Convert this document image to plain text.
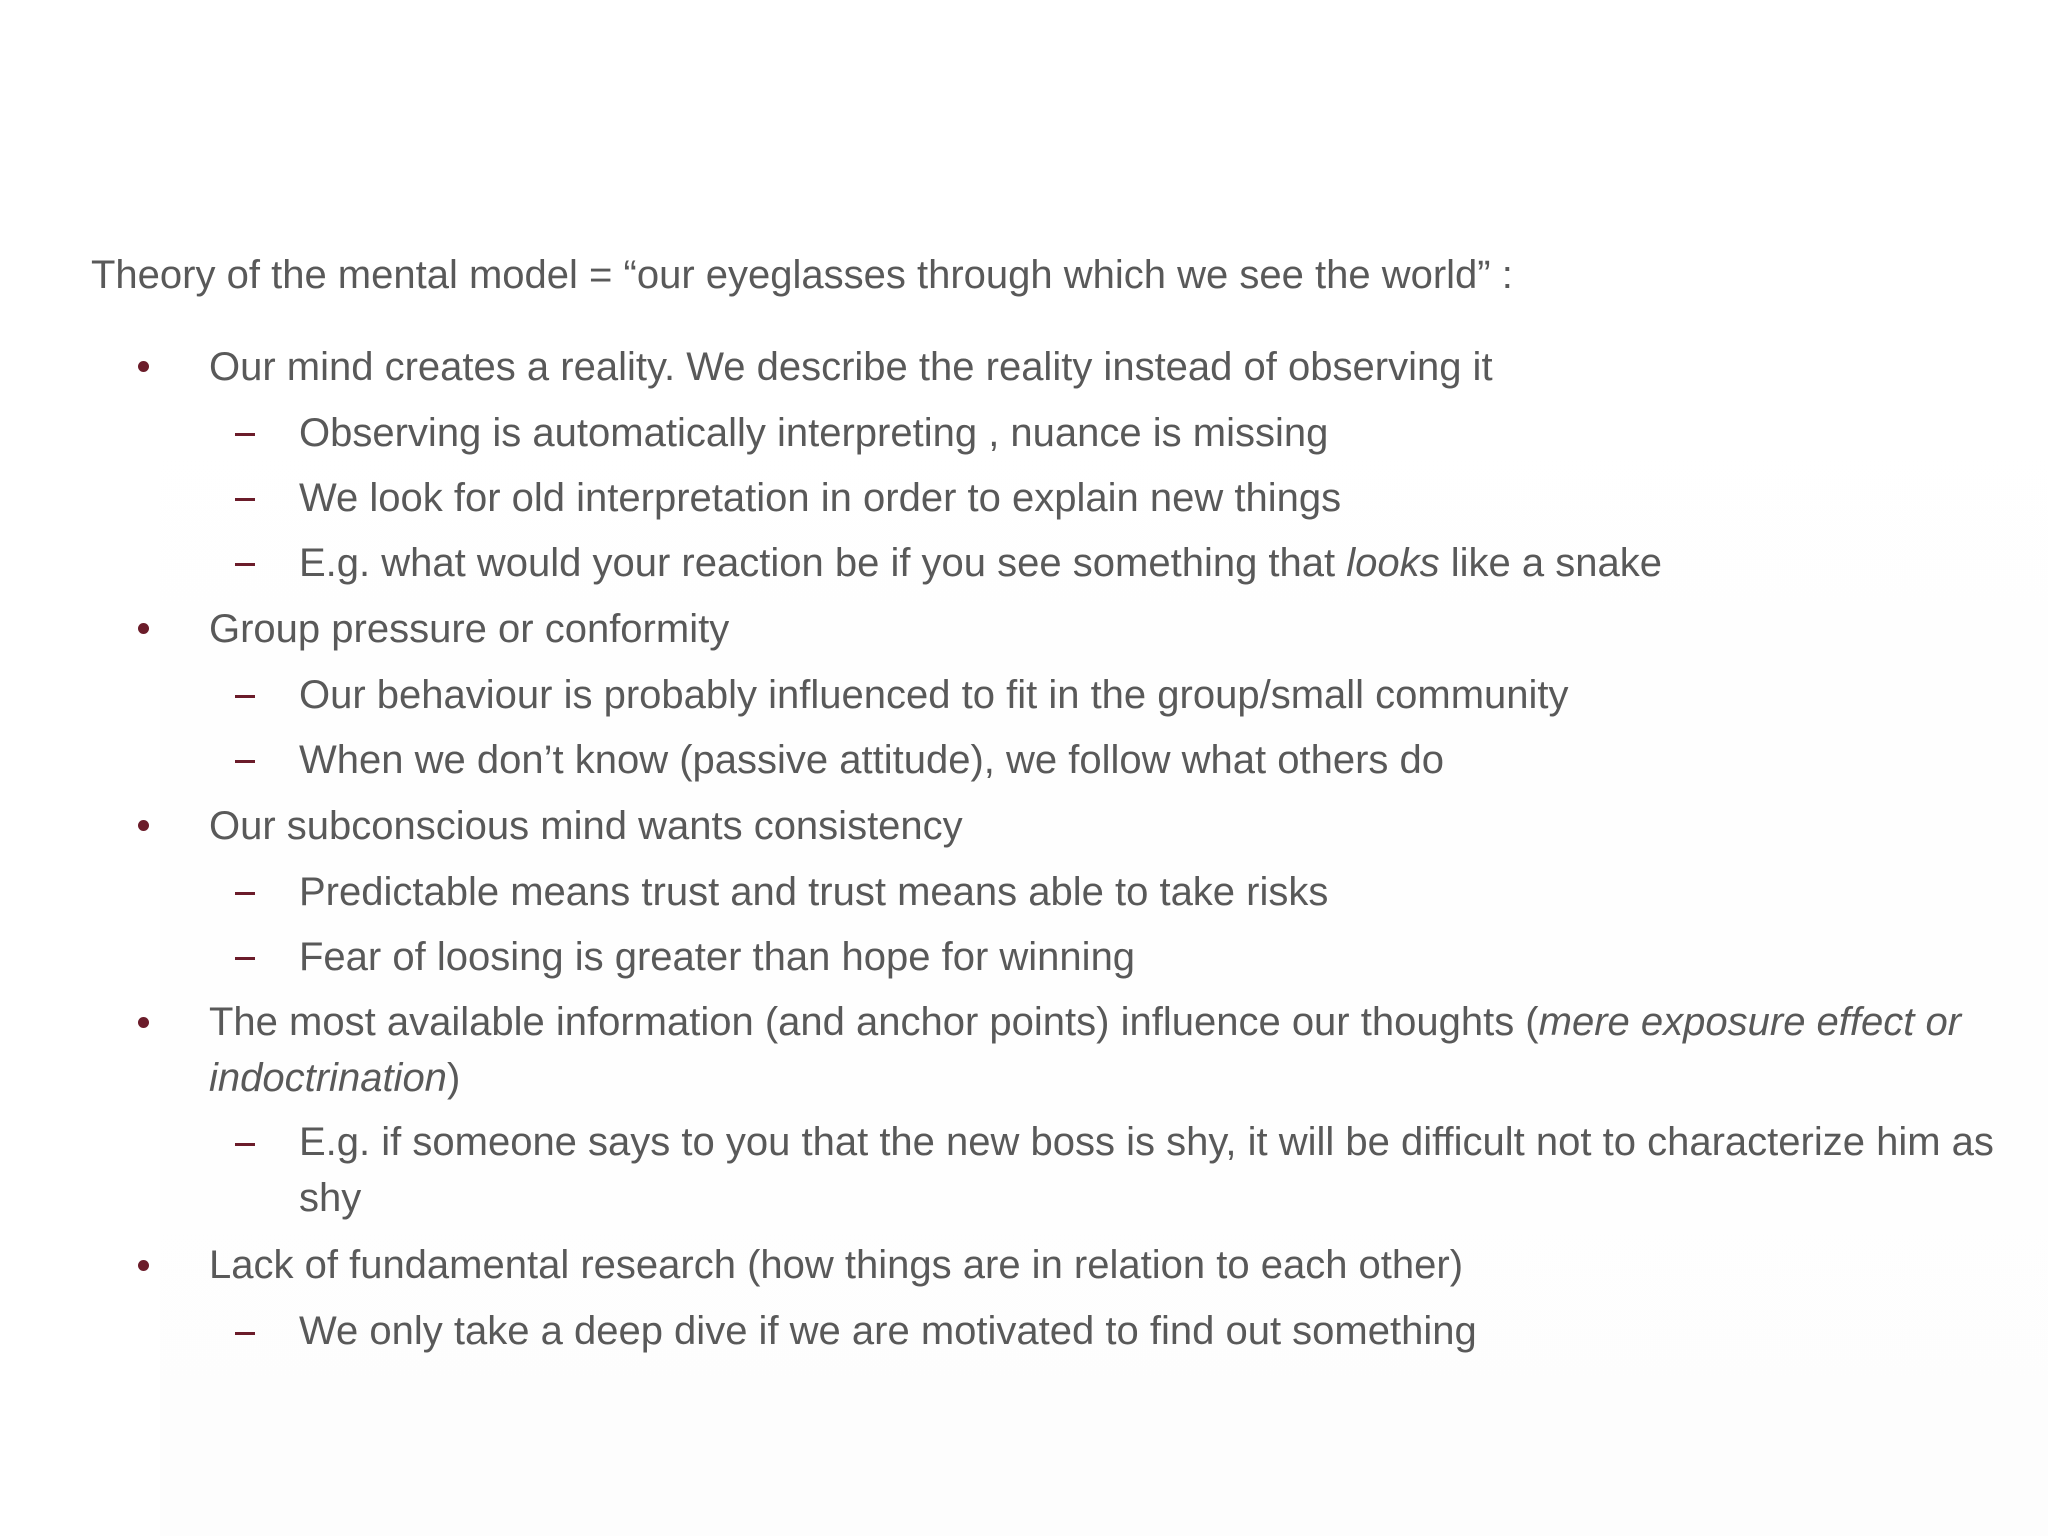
Theory of the mental model = “our eyeglasses through which we see the world” :
Our mind creates a reality. We describe the reality instead of observing it
Observing is automatically interpreting , nuance is missing
We look for old interpretation in order to explain new things
E.g. what would your reaction be if you see something that looks like a snake
Group pressure or conformity
Our behaviour is probably influenced to fit in the group/small community
When we don’t know (passive attitude), we follow what others do
Our subconscious mind wants consistency
Predictable means trust and trust means able to take risks
Fear of loosing is greater than hope for winning
The most available information (and anchor points) influence our thoughts (mere exposure effect or indoctrination)
E.g. if someone says to you that the new boss is shy, it will be difficult not to characterize him as shy
Lack of fundamental research (how things are in relation to each other)
We only take a deep dive if we are motivated to find out something
